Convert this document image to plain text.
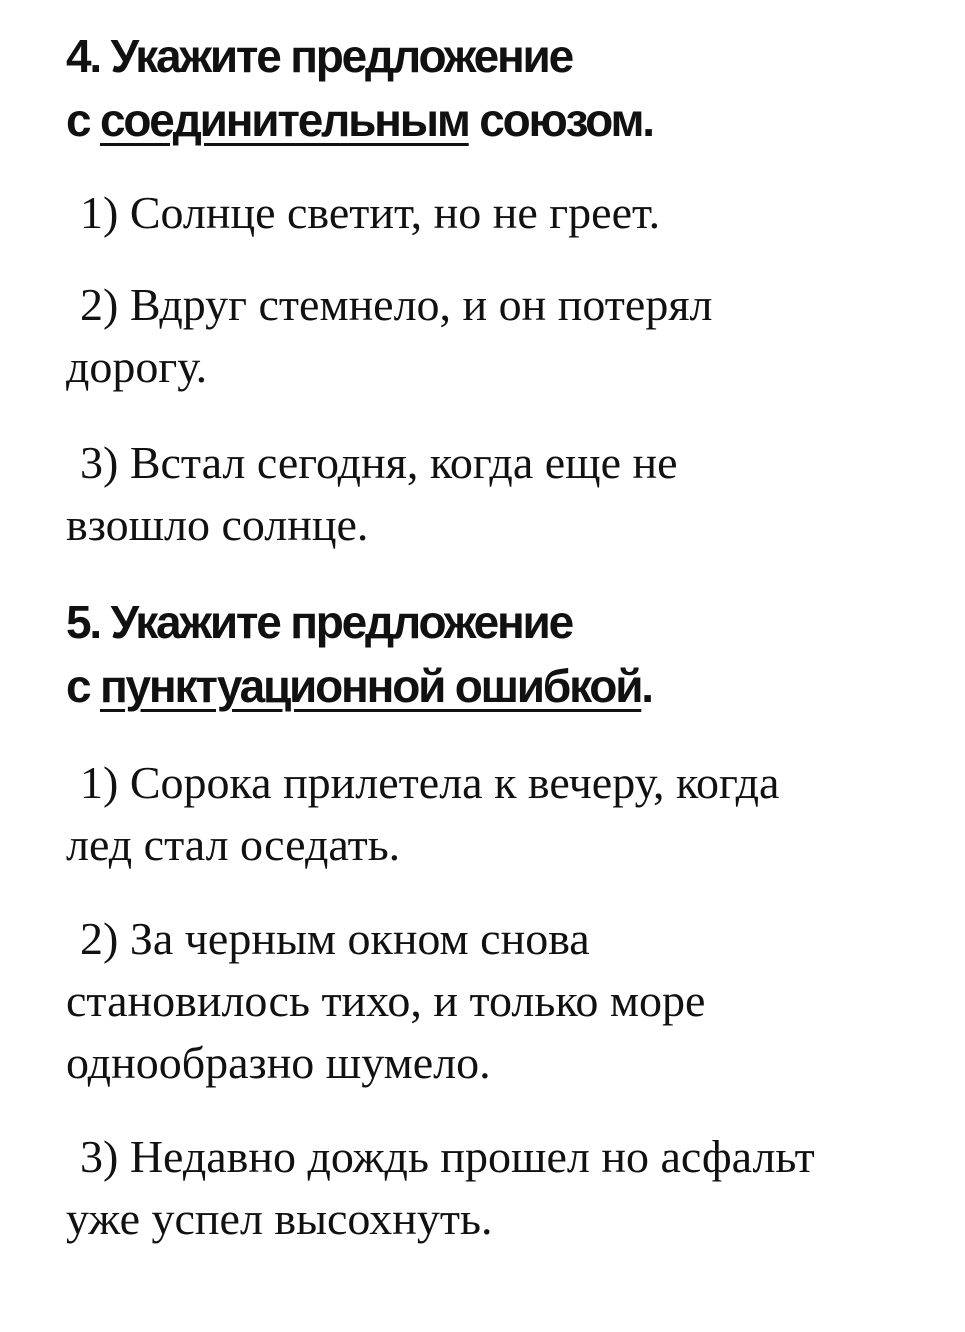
4. Укажите предложение
с соединительным союзом.

1) Солнце светит, но не греет.

2) Вдруг стемнело, и он потерял
дорогу.

3) Встал сегодня, когда еще не
взошло солнце.

5. Укажите предложение
с пунктуационной ошибкой.

1) Сорока прилетела к вечеру, когда
лед стал оседать.

2) За черным окном снова
становилось тихо, и только море
однообразно шумело.

3) Недавно дождь прошел но асфальт
уже успел высохнуть.
